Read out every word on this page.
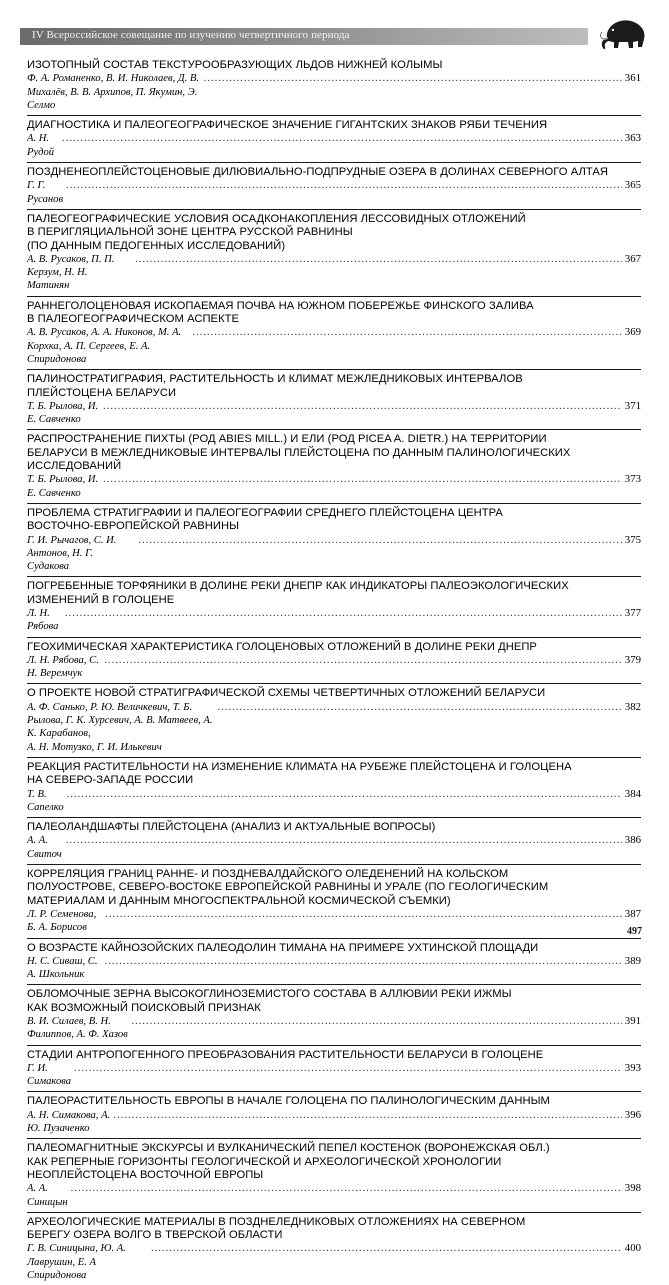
IV Всероссийское совещание по изучению четвертичного периода
ИЗОТОПНЫЙ СОСТАВ ТЕКСТУРООБРАЗУЮЩИХ ЛЬДОВ НИЖНЕЙ КОЛЫМЫ
Ф. А. Романенко, В. И. Николаев, Д. В. Михалёв, В. В. Архипов, П. Якумин, Э. Селмо
.....
361
ДИАГНОСТИКА И ПАЛЕОГЕОГРАФИЧЕСКОЕ ЗНАЧЕНИЕ ГИГАНТСКИХ ЗНАКОВ РЯБИ ТЕЧЕНИЯ
А. Н. Рудой
.....
363
ПОЗДНЕНЕОПЛЕЙСТОЦЕНОВЫЕ ДИЛЮВИАЛЬНО-ПОДПРУДНЫЕ ОЗЕРА В ДОЛИНАХ СЕВЕРНОГО АЛТАЯ
Г. Г. Русанов
.....
365
ПАЛЕОГЕОГРАФИЧЕСКИЕ УСЛОВИЯ ОСАДКОНАКОПЛЕНИЯ ЛЕССОВИДНЫХ ОТЛОЖЕНИЙ
В ПЕРИГЛЯЦИАЛЬНОЙ ЗОНЕ ЦЕНТРА РУССКОЙ РАВНИНЫ
(ПО ДАННЫМ ПЕДОГЕННЫХ ИССЛЕДОВАНИЙ)
А. В. Русаков, П. П. Керзум, Н. Н. Матинян
.....
367
РАННЕГОЛОЦЕНОВАЯ ИСКОПАЕМАЯ ПОЧВА НА ЮЖНОМ ПОБЕРЕЖЬЕ ФИНСКОГО ЗАЛИВА
В ПАЛЕОГЕОГРАФИЧЕСКОМ АСПЕКТЕ
А. В. Русаков, А. А. Никонов, М. А. Корхка, А. П. Сергеев, Е. А. Спиридонова
.....
369
ПАЛИНОСТРАТИГРАФИЯ, РАСТИТЕЛЬНОСТЬ И КЛИМАТ МЕЖЛЕДНИКОВЫХ ИНТЕРВАЛОВ
ПЛЕЙСТОЦЕНА БЕЛАРУСИ
Т. Б. Рылова, И. Е. Савченко
.....
371
РАСПРОСТРАНЕНИЕ ПИХТЫ (РОД ABIES MILL.) И ЕЛИ (РОД PICEA A. DIETR.) НА ТЕРРИТОРИИ
БЕЛАРУСИ В МЕЖЛЕДНИКОВЫЕ ИНТЕРВАЛЫ ПЛЕЙСТОЦЕНА ПО ДАННЫМ ПАЛИНОЛОГИЧЕСКИХ
ИССЛЕДОВАНИЙ
Т. Б. Рылова, И. Е. Савченко
.....
373
ПРОБЛЕМА СТРАТИГРАФИИ И ПАЛЕОГЕОГРАФИИ СРЕДНЕГО ПЛЕЙСТОЦЕНА ЦЕНТРА
ВОСТОЧНО-ЕВРОПЕЙСКОЙ РАВНИНЫ
Г. И. Рычагов, С. И. Антонов, Н. Г. Судакова
.....
375
ПОГРЕБЕННЫЕ ТОРФЯНИКИ В ДОЛИНЕ РЕКИ ДНЕПР КАК ИНДИКАТОРЫ ПАЛЕОЭКОЛОГИЧЕСКИХ
ИЗМЕНЕНИЙ В ГОЛОЦЕНЕ
Л. Н. Рябова
.....
377
ГЕОХИМИЧЕСКАЯ ХАРАКТЕРИСТИКА ГОЛОЦЕНОВЫХ ОТЛОЖЕНИЙ В ДОЛИНЕ РЕКИ ДНЕПР
Л. Н. Рябова, С. Н. Веремчук
.....
379
О ПРОЕКТЕ НОВОЙ СТРАТИГРАФИЧЕСКОЙ СХЕМЫ ЧЕТВЕРТИЧНЫХ ОТЛОЖЕНИЙ БЕЛАРУСИ
А. Ф. Санько, Р. Ю. Величкевич, Т. Б. Рылова, Г. К. Хурсевич, А. В. Матвеев, А. К. Карабанов,
А. Н. Мотузко, Г. И. Илькевич
.....
382
РЕАКЦИЯ РАСТИТЕЛЬНОСТИ НА ИЗМЕНЕНИЕ КЛИМАТА НА РУБЕЖЕ ПЛЕЙСТОЦЕНА И ГОЛОЦЕНА
НА СЕВЕРО-ЗАПАДЕ РОССИИ
Т. В. Сапелко
.....
384
ПАЛЕОЛАНДШАФТЫ ПЛЕЙСТОЦЕНА (АНАЛИЗ И АКТУАЛЬНЫЕ ВОПРОСЫ)
А. А. Свиточ
.....
386
КОРРЕЛЯЦИЯ ГРАНИЦ РАННЕ- И ПОЗДНЕВАЛДАЙСКОГО ОЛЕДЕНЕНИЙ НА КОЛЬСКОМ
ПОЛУОСТРОВЕ, СЕВЕРО-ВОСТОКЕ ЕВРОПЕЙСКОЙ РАВНИНЫ И УРАЛЕ (ПО ГЕОЛОГИЧЕСКИМ
МАТЕРИАЛАМ И ДАННЫМ МНОГОСПЕКТРАЛЬНОЙ КОСМИЧЕСКОЙ СЪЕМКИ)
Л. Р. Семенова, Б. А. Борисов
.....
387
О ВОЗРАСТЕ КАЙНОЗОЙСКИХ ПАЛЕОДОЛИН ТИМАНА НА ПРИМЕРЕ УХТИНСКОЙ ПЛОЩАДИ
Н. С. Сиваш, С. А. Школьник
.....
389
ОБЛОМОЧНЫЕ ЗЕРНА ВЫСОКОГЛИНОЗЕМИСТОГО СОСТАВА В АЛЛЮВИИ РЕКИ ИЖМЫ
КАК ВОЗМОЖНЫЙ ПОИСКОВЫЙ ПРИЗНАК
В. И. Силаев, В. Н. Филиппов, А. Ф. Хазов
.....
391
СТАДИИ АНТРОПОГЕННОГО ПРЕОБРАЗОВАНИЯ РАСТИТЕЛЬНОСТИ БЕЛАРУСИ В ГОЛОЦЕНЕ
Г. И. Симакова
.....
393
ПАЛЕОРАСТИТЕЛЬНОСТЬ ЕВРОПЫ В НАЧАЛЕ ГОЛОЦЕНА ПО ПАЛИНОЛОГИЧЕСКИМ ДАННЫМ
А. Н. Симакова, А. Ю. Пузаченко
.....
396
ПАЛЕОМАГНИТНЫЕ ЭКСКУРСЫ И ВУЛКАНИЧЕСКИЙ ПЕПЕЛ КОСТЕНОК (ВОРОНЕЖСКАЯ ОБЛ.)
КАК РЕПЕРНЫЕ ГОРИЗОНТЫ ГЕОЛОГИЧЕСКОЙ И АРХЕОЛОГИЧЕСКОЙ ХРОНОЛОГИИ
НЕОПЛЕЙСТОЦЕНА ВОСТОЧНОЙ ЕВРОПЫ
А. А. Синицын
.....
398
АРХЕОЛОГИЧЕСКИЕ МАТЕРИАЛЫ В ПОЗДНЕЛЕДНИКОВЫХ ОТЛОЖЕНИЯХ НА СЕВЕРНОМ
БЕРЕГУ ОЗЕРА ВОЛГО В ТВЕРСКОЙ ОБЛАСТИ
Г. В. Синицына, Ю. А. Лаврушин, Е. А Спиридонова
.....
400
497
